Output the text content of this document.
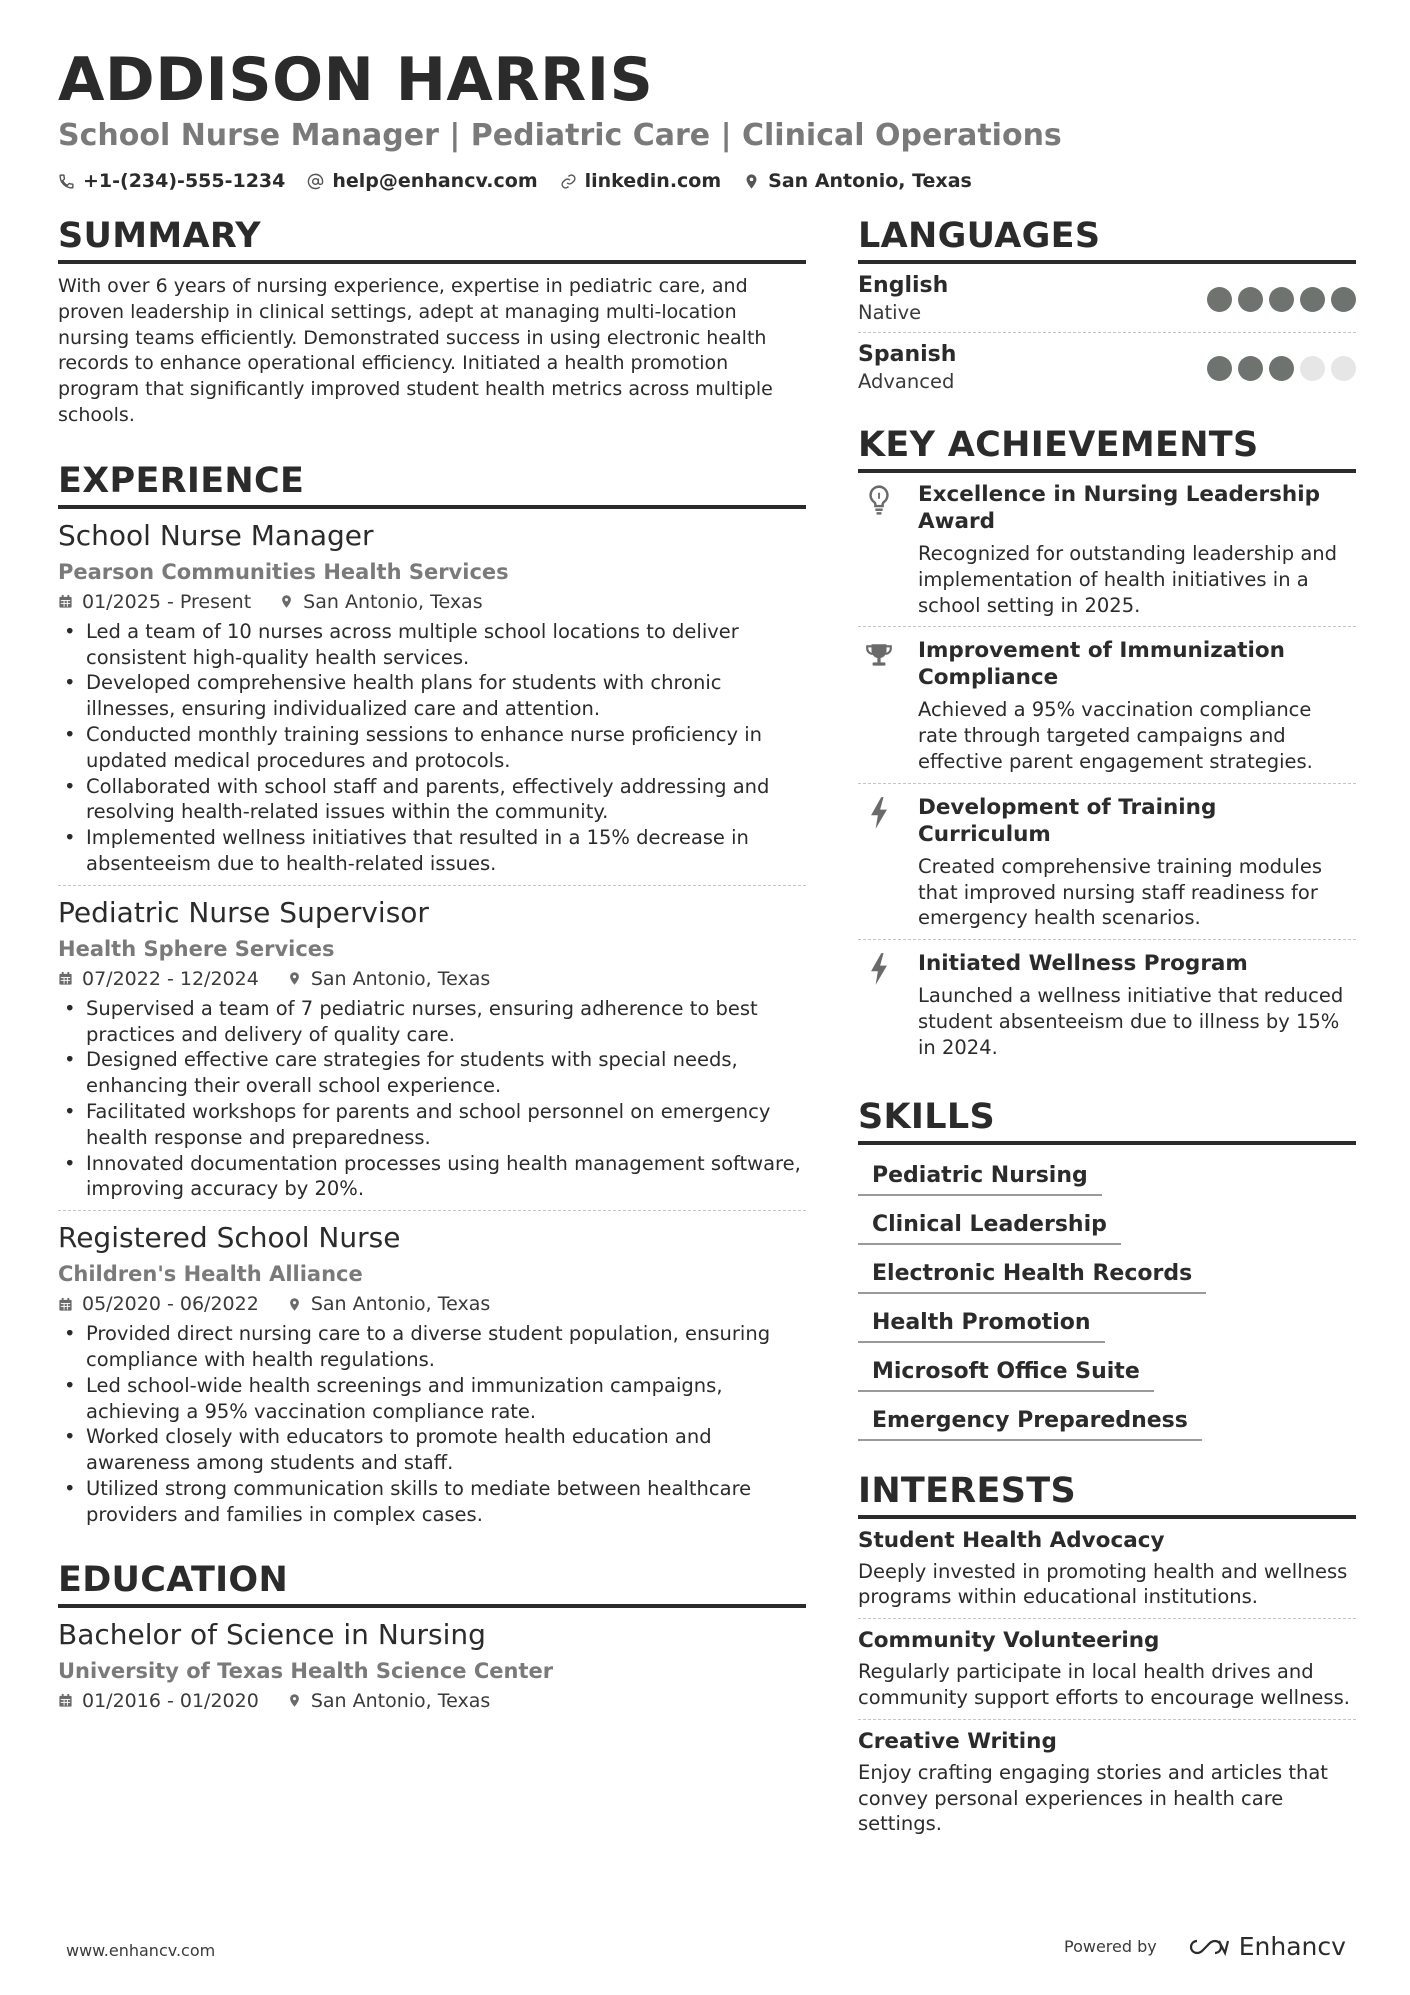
ADDISON HARRIS
School Nurse Manager | Pediatric Care | Clinical Operations
+1-(234)-555-1234 help@enhancv.com linkedin.com San Antonio, Texas
SUMMARY

With over 6 years of nursing experience, expertise in pediatric care, and proven leadership in clinical settings, adept at managing multi-location nursing teams efficiently. Demonstrated success in using electronic health records to enhance operational efficiency. Initiated a health promotion program that significantly improved student health metrics across multiple schools.

EXPERIENCE
School Nurse Manager
Pearson Communities Health Services
01/2025 - Present	San Antonio, Texas
• Led a team of 10 nurses across multiple school locations to deliver consistent high-quality health services.
• Developed comprehensive health plans for students with chronic illnesses, ensuring individualized care and attention.
• Conducted monthly training sessions to enhance nurse proficiency in updated medical procedures and protocols.
• Collaborated with school staff and parents, effectively addressing and resolving health-related issues within the community.
• Implemented wellness initiatives that resulted in a 15% decrease in absenteeism due to health-related issues.
Pediatric Nurse Supervisor
Health Sphere Services
07/2022 - 12/2024	San Antonio, Texas
• Supervised a team of 7 pediatric nurses, ensuring adherence to best practices and delivery of quality care.
• Designed effective care strategies for students with special needs, enhancing their overall school experience.
• Facilitated workshops for parents and school personnel on emergency health response and preparedness.
• Innovated documentation processes using health management software, improving accuracy by 20%.
Registered School Nurse
Children's Health Alliance
05/2020 - 06/2022	San Antonio, Texas
• Provided direct nursing care to a diverse student population, ensuring compliance with health regulations.
• Led school-wide health screenings and immunization campaigns, achieving a 95% vaccination compliance rate.
• Worked closely with educators to promote health education and awareness among students and staff.
• Utilized strong communication skills to mediate between healthcare providers and families in complex cases.
EDUCATION
Bachelor of Science in Nursing
University of Texas Health Science Center
01/2016 - 01/2020	San Antonio, Texas
LANGUAGES
English
Native
Spanish
Advanced
KEY ACHIEVEMENTS
Excellence in Nursing Leadership Award
Recognized for outstanding leadership and implementation of health initiatives in a school setting in 2025.
Improvement of Immunization Compliance
Achieved a 95% vaccination compliance rate through targeted campaigns and effective parent engagement strategies.
Development of Training Curriculum
Created comprehensive training modules that improved nursing staff readiness for emergency health scenarios.
Initiated Wellness Program
Launched a wellness initiative that reduced student absenteeism due to illness by 15% in 2024.
SKILLS
Pediatric Nursing
Clinical Leadership
Electronic Health Records
Health Promotion
Microsoft Office Suite
Emergency Preparedness
INTERESTS
Student Health Advocacy
Deeply invested in promoting health and wellness programs within educational institutions.
Community Volunteering
Regularly participate in local health drives and community support efforts to encourage wellness.
Creative Writing
Enjoy crafting engaging stories and articles that convey personal experiences in health care settings.
www.enhancv.com	Powered by	Enhancv
